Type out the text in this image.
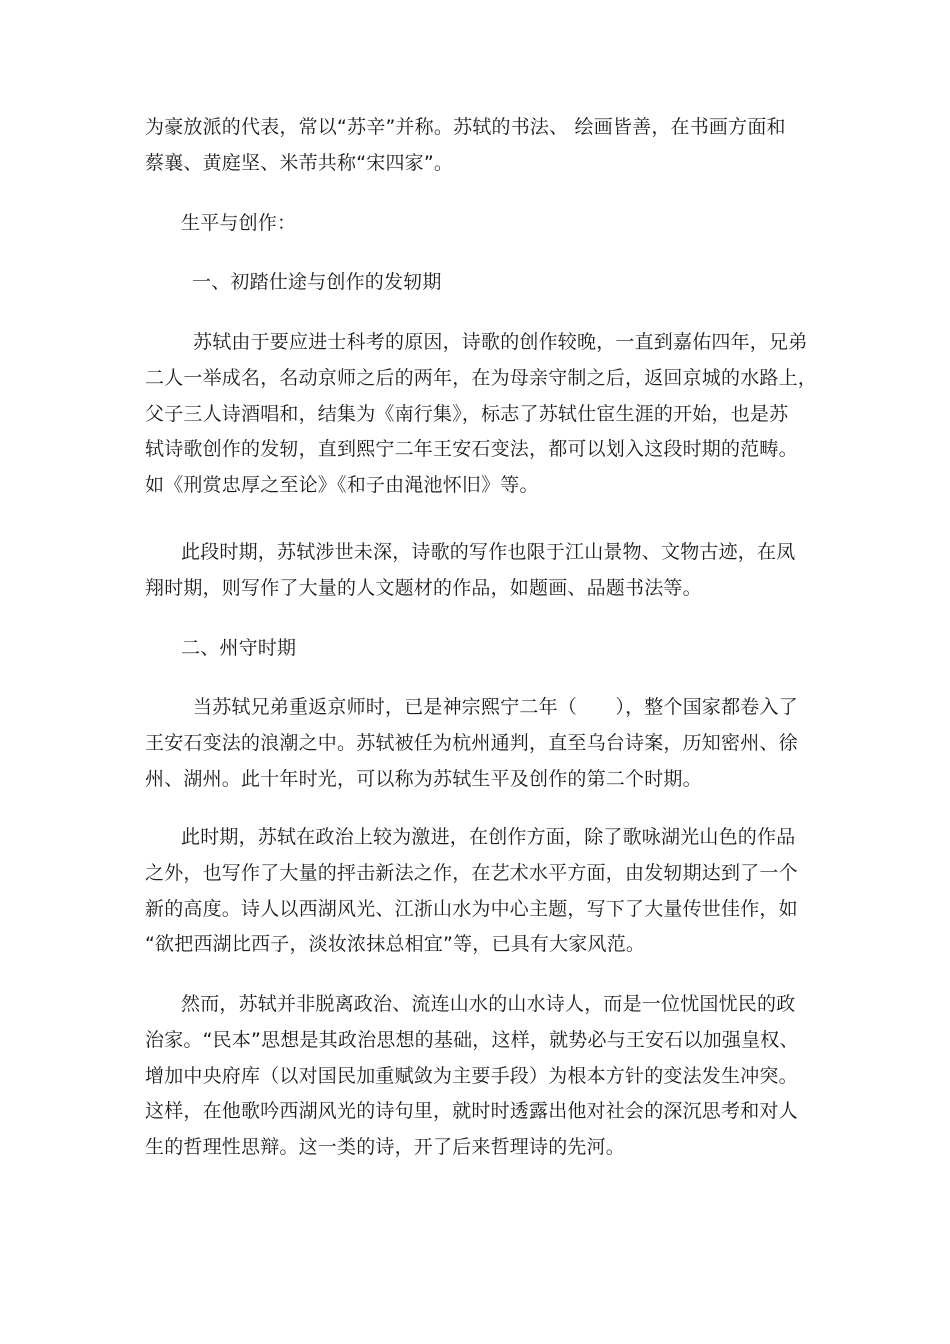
为豪放派的代表，常以“苏辛”并称。苏轼的书法、 绘画皆善，在书画方面和
蔡襄、黄庭坚、米芾共称“宋四家”。
生平与创作：
一、初踏仕途与创作的发轫期
苏轼由于要应进士科考的原因，诗歌的创作较晚，一直到嘉佑四年，兄弟
二人一举成名，名动京师之后的两年，在为母亲守制之后，返回京城的水路上，
父子三人诗酒唱和，结集为《南行集》，标志了苏轼仕宦生涯的开始，也是苏
轼诗歌创作的发轫，直到熙宁二年王安石变法，都可以划入这段时期的范畴。
如《刑赏忠厚之至论》《和子由渑池怀旧》等。
此段时期，苏轼涉世未深，诗歌的写作也限于江山景物、文物古迹，在凤
翔时期，则写作了大量的人文题材的作品，如题画、品题书法等。
二、州守时期
当苏轼兄弟重返京师时，已是神宗熙宁二年（　　），整个国家都卷入了
王安石变法的浪潮之中。苏轼被任为杭州通判，直至乌台诗案，历知密州、徐
州、湖州。此十年时光，可以称为苏轼生平及创作的第二个时期。
此时期，苏轼在政治上较为激进，在创作方面，除了歌咏湖光山色的作品
之外，也写作了大量的抨击新法之作，在艺术水平方面，由发轫期达到了一个
新的高度。诗人以西湖风光、江浙山水为中心主题，写下了大量传世佳作，如
“欲把西湖比西子，淡妆浓抹总相宜”等，已具有大家风范。
然而，苏轼并非脱离政治、流连山水的山水诗人，而是一位忧国忧民的政
治家。“民本”思想是其政治思想的基础，这样，就势必与王安石以加强皇权、
增加中央府库（以对国民加重赋敛为主要手段）为根本方针的变法发生冲突。
这样，在他歌吟西湖风光的诗句里，就时时透露出他对社会的深沉思考和对人
生的哲理性思辩。这一类的诗，开了后来哲理诗的先河。
